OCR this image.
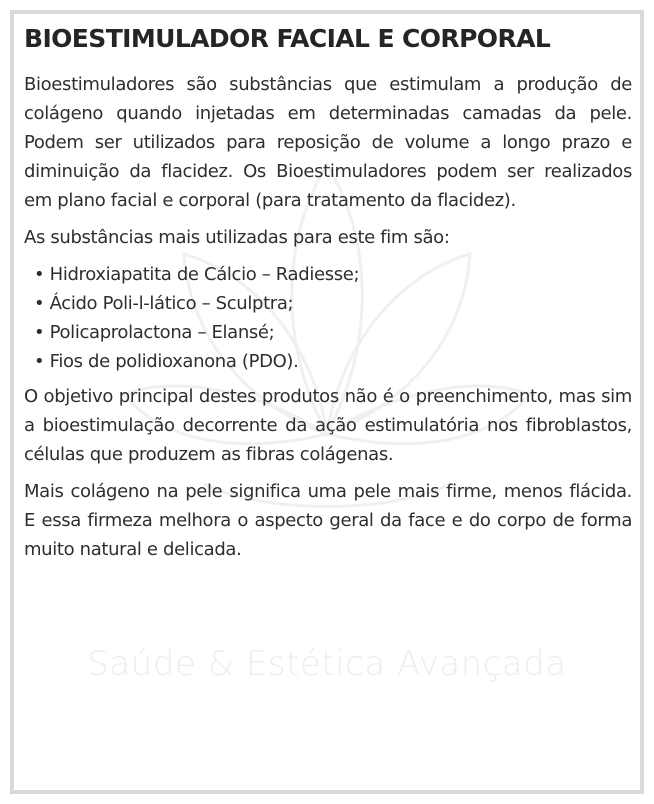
Saúde & Estética Avançada
BIOESTIMULADOR FACIAL E CORPORAL

Bioestimuladores são substâncias que estimulam a produção de colágeno quando injetadas em determinadas camadas da pele. Podem ser utilizados para reposição de volume a longo prazo e diminuição da flacidez. Os Bioestimuladores podem ser realizados em plano facial e corporal (para tratamento da flacidez).

As substâncias mais utilizadas para este fim são:

• Hidroxiapatita de Cálcio – Radiesse;
• Ácido Poli-l-lático – Sculptra;
• Policaprolactona – Elansé;
• Fios de polidioxanona (PDO).

O objetivo principal destes produtos não é o preenchimento, mas sim a bioestimulação decorrente da ação estimulatória nos fibroblastos, células que produzem as fibras colágenas.

Mais colágeno na pele significa uma pele mais firme, menos flácida. E essa firmeza melhora o aspecto geral da face e do corpo de forma muito natural e delicada.
